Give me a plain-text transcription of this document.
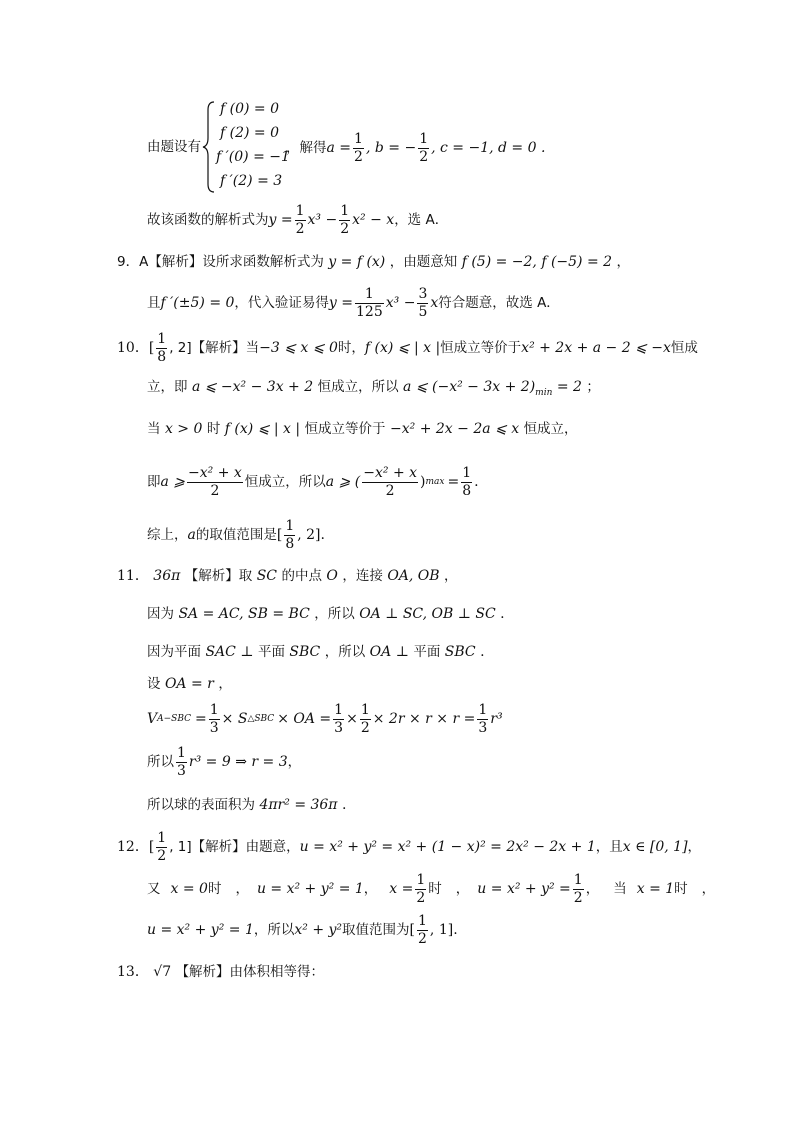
由题设有
f (0) = 0
f (2) = 0
f ′(0) = −1
f ′(2) = 3
，解得 $a = \frac{1}{2}$ , b = − $\frac{1}{2}$ , c = −1, d = 0 .
故该函数的解析式为 $y = \frac{1}{2} x^3 - \frac{1}{2} x^2 - x$ ，选 A．
9．A【解析】设所求函数解析式为 y = f (x) ，由题意知 f (5) = −2, f (−5) = 2 ，
且 f ′(±5) = 0 ，代入验证易得 $y = \frac{1}{125} x^3 - \frac{3}{5}$ x 符合题意，故选 A．
10．[ $\frac{1}{8}$ , 2]【解析】当 −3 ⩽ x ⩽ 0 时， f (x) ⩽ | x | 恒成立等价于 x² + 2x + a − 2 ⩽ −x 恒成
立，即 a ⩽ −x² − 3x + 2 恒成立，所以 a ⩽ $(-x^2 - 3x + 2)_{min} = 2$ ；
当 x > 0 时 f (x) ⩽ | x | 恒成立等价于 −x² + 2x − 2a ⩽ x 恒成立，
即 a ⩾ $\frac{\text{−x² + x}}{2}$ 恒成立，所以 a ⩾ ( $\frac{\text{−x² + x}}{2}$ ) $\max = \frac{1}{8}$ .
综上， a 的取值范围是 [ $\frac{1}{8}$ , 2] .
11． 36π 【解析】取 SC 的中点 O ，连接 OA, OB ，
因为 SA = AC, SB = BC ，所以 OA ⊥ SC, OB ⊥ SC .
因为平面 SAC ⊥ 平面 SBC ，所以 OA ⊥ 平面 SBC .
设 OA = r ，
V $A-SBC = \frac{1}{3} \times S$ △SBC × OA = $\frac{1}{3} \times \frac{1}{2} \times 2r \times r \times r = \frac{1}{3} r^3$
所以 $\frac{1}{3} r^3 = 9$ ⇒ r = 3 ，
所以球的表面积为 4πr² = 36π .
12．[ $\frac{1}{2}$ , 1]【解析】由题意， u = x² + y² = x² + (1 − x)² = 2x² − 2x + 1 ，且 x ∈ [0, 1] ，
又 x = 0 时 ， u = x² + y² = 1 ， $x = \frac{1}{2}$ 时 ， $u = x^2 + y^2 = \frac{1}{2}$ ， 当 x = 1 时 ，
u = x² + y² = 1 ，所以 x² + y² 取值范围为 [ $\frac{1}{2}$ , 1] .
13． √7 【解析】由体积相等得：
